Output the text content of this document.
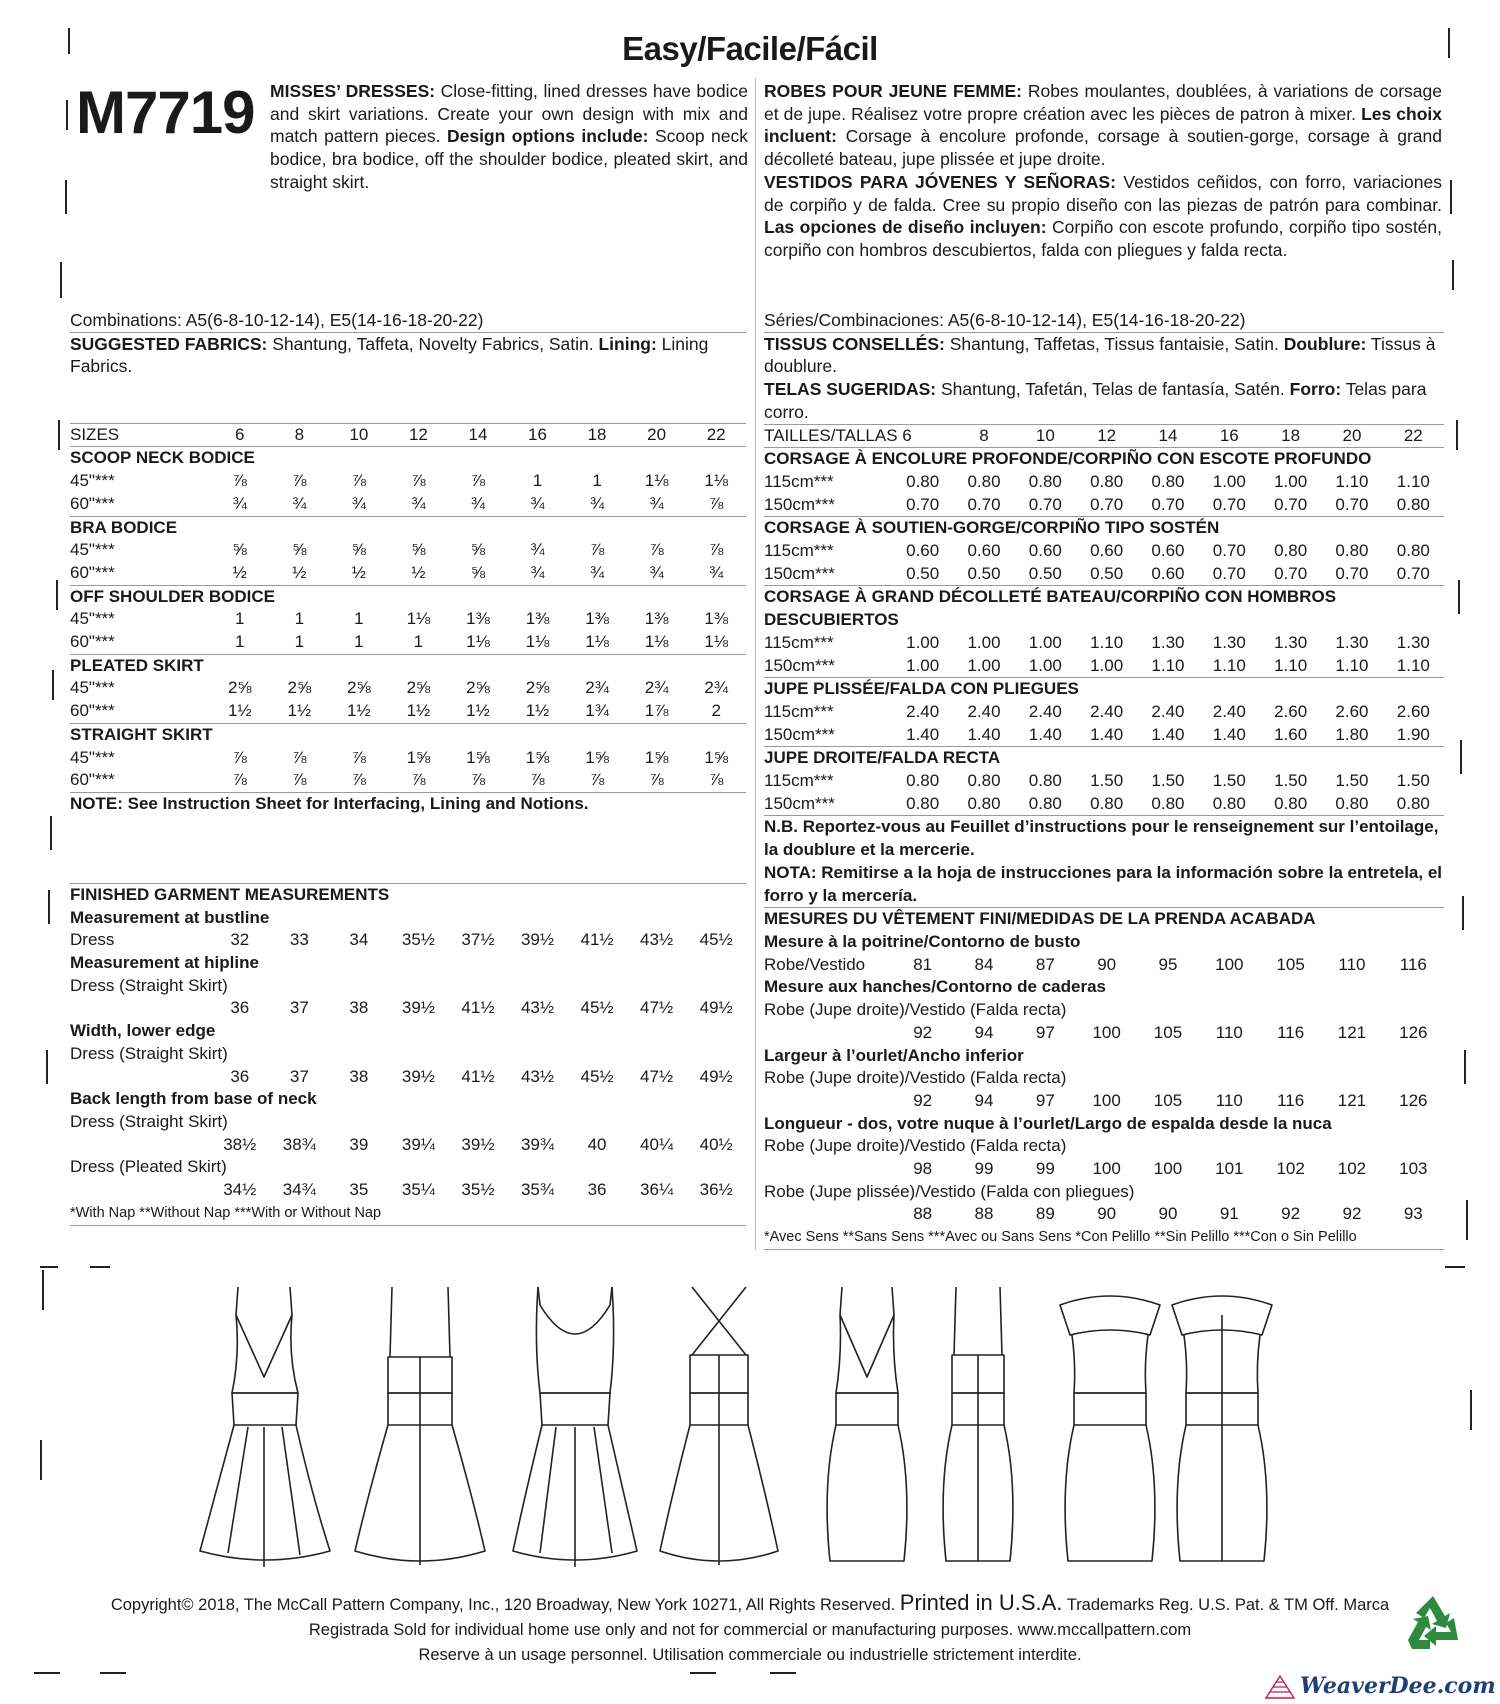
Easy/Facile/Fácil
M7719 MISSES’ DRESSES: Close-fitting, lined dresses have bodice and skirt variations. Create your own design with mix and match pattern pieces. Design options include: Scoop neck bodice, bra bodice, off the shoulder bodice, pleated skirt, and straight skirt.

ROBES POUR JEUNE FEMME: Robes moulantes, doublées, à variations de corsage et de jupe. Réalisez votre propre création avec les pièces de patron à mixer. Les choix incluent: Corsage à encolure profonde, corsage à soutien-gorge, corsage à grand décolleté bateau, jupe plissée et jupe droite.

VESTIDOS PARA JÓVENES Y SEÑORAS: Vestidos ceñidos, con forro, variaciones de corpiño y de falda. Cree su propio diseño con las piezas de patrón para combinar. Las opciones de diseño incluyen: Corpiño con escote profundo, corpiño tipo sostén, corpiño con hombros descubiertos, falda con pliegues y falda recta.

Combinations: A5(6-8-10-12-14), E5(14-16-18-20-22)
SUGGESTED FABRICS: Shantung, Taffeta, Novelty Fabrics, Satin. Lining: Lining Fabrics.
SIZES	6	8	10	12	14	16	18	20	22
SCOOP NECK BODICE									
45"***	⅞	⅞	⅞	⅞	⅞	1	1	1⅛	1⅛
60"***	¾	¾	¾	¾	¾	¾	¾	¾	⅞
BRA BODICE									
45"***	⅝	⅝	⅝	⅝	⅝	¾	⅞	⅞	⅞
60"***	½	½	½	½	⅝	¾	¾	¾	¾
OFF SHOULDER BODICE									
45"***	1	1	1	1⅛	1⅜	1⅜	1⅜	1⅜	1⅜
60"***	1	1	1	1	1⅛	1⅛	1⅛	1⅛	1⅛
PLEATED SKIRT									
45"***	2⅝	2⅝	2⅝	2⅝	2⅝	2⅝	2¾	2¾	2¾
60"***	1½	1½	1½	1½	1½	1½	1¾	1⅞	2
STRAIGHT SKIRT									
45"***	⅞	⅞	⅞	1⅝	1⅝	1⅝	1⅝	1⅝	1⅝
60"***	⅞	⅞	⅞	⅞	⅞	⅞	⅞	⅞	⅞
NOTE: See Instruction Sheet for Interfacing, Lining and Notions.
FINISHED GARMENT MEASUREMENTS
Measurement at bustline
Dress	32	33	34	35½	37½	39½	41½	43½	45½
Measurement at hipline
Dress (Straight Skirt)
	36	37	38	39½	41½	43½	45½	47½	49½
Width, lower edge
Dress (Straight Skirt)
	36	37	38	39½	41½	43½	45½	47½	49½
Back length from base of neck
Dress (Straight Skirt)
	38½	38¾	39	39¼	39½	39¾	40	40¼	40½
Dress (Pleated Skirt)
	34½	34¾	35	35¼	35½	35¾	36	36¼	36½
*With Nap **Without Nap ***With or Without Nap
Séries/Combinaciones: A5(6-8-10-12-14), E5(14-16-18-20-22)

TISSUS CONSELLÉS: Shantung, Taffetas, Tissus fantaisie, Satin. Doublure: Tissus à doublure.

TELAS SUGERIDAS: Shantung, Tafetán, Telas de fantasía, Satén. Forro: Telas para corro.

TAILLES/TALLAS 6		8	10	12	14	16	18	20	22
CORSAGE À ENCOLURE PROFONDE/CORPIÑO CON ESCOTE PROFUNDO									
115cm***	0.80	0.80	0.80	0.80	0.80	1.00	1.00	1.10	1.10
150cm***	0.70	0.70	0.70	0.70	0.70	0.70	0.70	0.70	0.80
CORSAGE À SOUTIEN-GORGE/CORPIÑO TIPO SOSTÉN									
115cm***	0.60	0.60	0.60	0.60	0.60	0.70	0.80	0.80	0.80
150cm***	0.50	0.50	0.50	0.50	0.60	0.70	0.70	0.70	0.70
CORSAGE À GRAND DÉCOLLETÉ BATEAU/CORPIÑO CON HOMBROS DESCUBIERTOS									
115cm***	1.00	1.00	1.00	1.10	1.30	1.30	1.30	1.30	1.30
150cm***	1.00	1.00	1.00	1.00	1.10	1.10	1.10	1.10	1.10
JUPE PLISSÉE/FALDA CON PLIEGUES									
115cm***	2.40	2.40	2.40	2.40	2.40	2.40	2.60	2.60	2.60
150cm***	1.40	1.40	1.40	1.40	1.40	1.40	1.60	1.80	1.90
JUPE DROITE/FALDA RECTA									
115cm***	0.80	0.80	0.80	1.50	1.50	1.50	1.50	1.50	1.50
150cm***	0.80	0.80	0.80	0.80	0.80	0.80	0.80	0.80	0.80
N.B. Reportez-vous au Feuillet d’instructions pour le renseignement sur l’entoilage, la doublure et la mercerie.
NOTA: Remitirse a la hoja de instrucciones para la información sobre la entretela, el forro y la mercería.
MESURES DU VÊTEMENT FINI/MEDIDAS DE LA PRENDA ACABADA
Mesure à la poitrine/Contorno de busto
Robe/Vestido	81	84	87	90	95	100	105	110	116
Mesure aux hanches/Contorno de caderas
Robe (Jupe droite)/Vestido (Falda recta)
	92	94	97	100	105	110	116	121	126
Largeur à l’ourlet/Ancho inferior
Robe (Jupe droite)/Vestido (Falda recta)
	92	94	97	100	105	110	116	121	126
Longueur - dos, votre nuque à l’ourlet/Largo de espalda desde la nuca
Robe (Jupe droite)/Vestido (Falda recta)
	98	99	99	100	100	101	102	102	103
Robe (Jupe plissée)/Vestido (Falda con pliegues)
	88	88	89	90	90	91	92	92	93
*Avec Sens **Sans Sens ***Avec ou Sans Sens *Con Pelillo **Sin Pelillo ***Con o Sin Pelillo
Copyright© 2018, The McCall Pattern Company, Inc., 120 Broadway, New York 10271, All Rights Reserved. Printed in U.S.A. Trademarks Reg. U.S. Pat. & TM Off. Marca
Registrada Sold for individual home use only and not for commercial or manufacturing purposes. www.mccallpattern.com
Reserve à un usage personnel. Utilisation commerciale ou industrielle strictement interdite.
WeaverDee.com
